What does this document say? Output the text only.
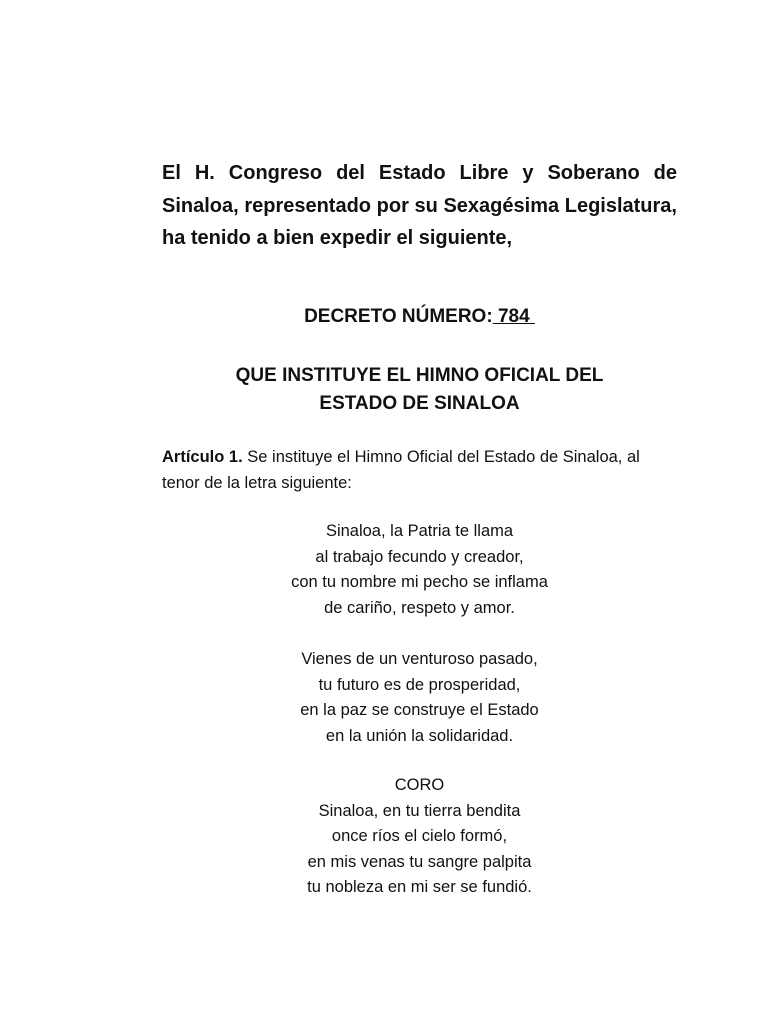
El H. Congreso del Estado Libre y Soberano de Sinaloa, representado por su Sexagésima Legislatura, ha tenido a bien expedir el siguiente,

DECRETO NÚMERO: 784

QUE INSTITUYE EL HIMNO OFICIAL DEL
ESTADO DE SINALOA

Artículo 1. Se instituye el Himno Oficial del Estado de Sinaloa, al tenor de la letra siguiente:

Sinaloa, la Patria te llama
al trabajo fecundo y creador,
con tu nombre mi pecho se inflama
de cariño, respeto y amor.
Vienes de un venturoso pasado,
tu futuro es de prosperidad,
en la paz se construye el Estado
en la unión la solidaridad.
CORO
Sinaloa, en tu tierra bendita
once ríos el cielo formó,
en mis venas tu sangre palpita
tu nobleza en mi ser se fundió.
